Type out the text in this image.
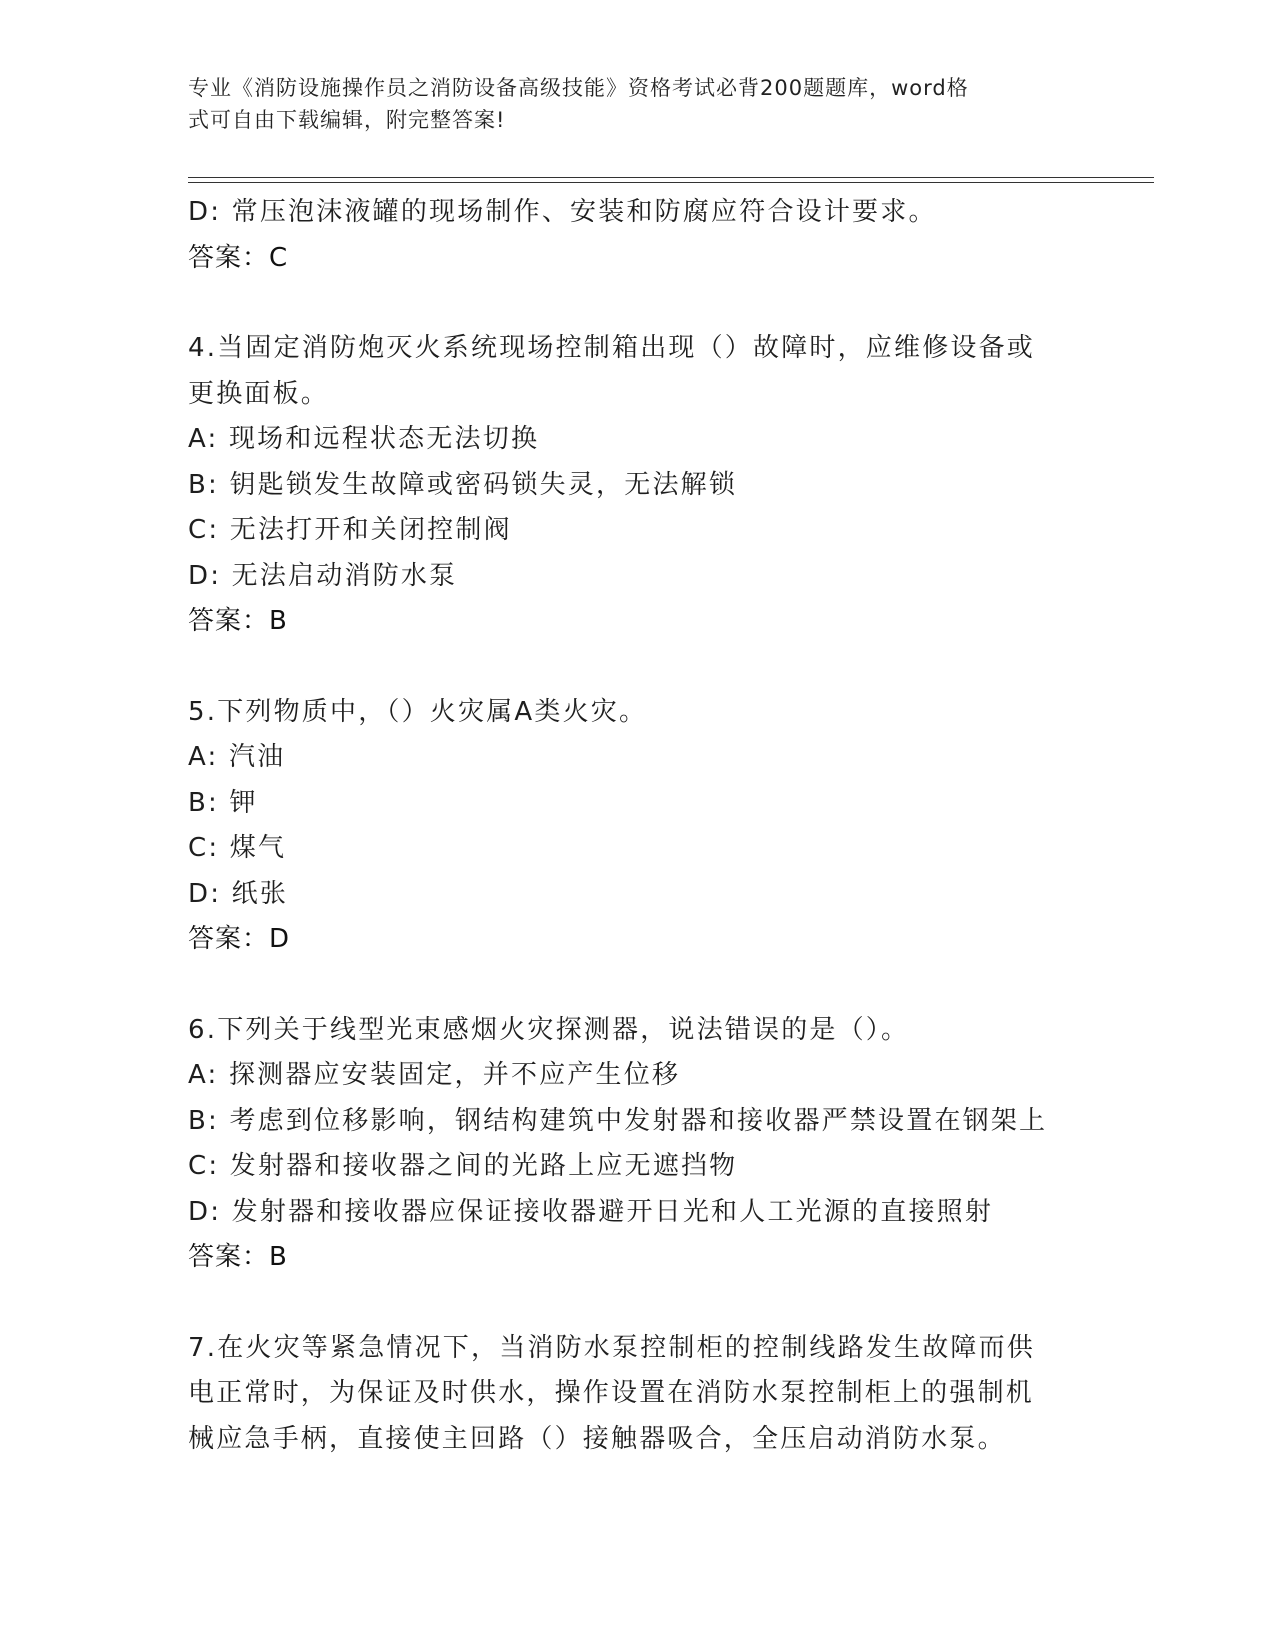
专业《消防设施操作员之消防设备高级技能》资格考试必背200题题库，word格
式可自由下载编辑，附完整答案!
D: 常压泡沫液罐的现场制作、安装和防腐应符合设计要求。
答案：C
4.当固定消防炮灭火系统现场控制箱出现（）故障时，应维修设备或
更换面板。
A: 现场和远程状态无法切换
B: 钥匙锁发生故障或密码锁失灵，无法解锁
C: 无法打开和关闭控制阀
D: 无法启动消防水泵
答案：B
5.下列物质中，（）火灾属A类火灾。
A: 汽油
B: 钾
C: 煤气
D: 纸张
答案：D
6.下列关于线型光束感烟火灾探测器，说法错误的是（）。
A: 探测器应安装固定，并不应产生位移
B: 考虑到位移影响，钢结构建筑中发射器和接收器严禁设置在钢架上
C: 发射器和接收器之间的光路上应无遮挡物
D: 发射器和接收器应保证接收器避开日光和人工光源的直接照射
答案：B
7.在火灾等紧急情况下，当消防水泵控制柜的控制线路发生故障而供
电正常时，为保证及时供水，操作设置在消防水泵控制柜上的强制机
械应急手柄，直接使主回路（）接触器吸合，全压启动消防水泵。
